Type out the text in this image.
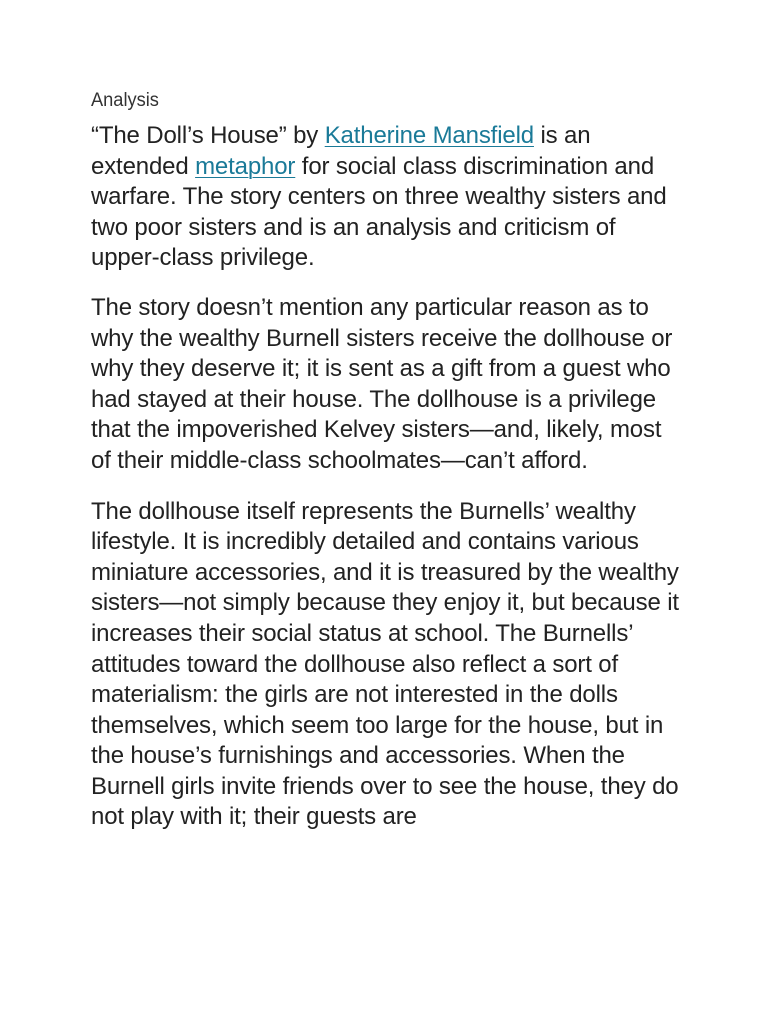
Analysis

“The Doll’s House” by Katherine Mansfield is an extended metaphor for social class discrimination and warfare. The story centers on three wealthy sisters and two poor sisters and is an analysis and criticism of upper-class privilege.

The story doesn’t mention any particular reason as to why the wealthy Burnell sisters receive the dollhouse or why they deserve it; it is sent as a gift from a guest who had stayed at their house. The dollhouse is a privilege that the impoverished Kelvey sisters—and, likely, most of their middle-class schoolmates—can’t afford.

The dollhouse itself represents the Burnells’ wealthy lifestyle. It is incredibly detailed and contains various miniature accessories, and it is treasured by the wealthy sisters—not simply because they enjoy it, but because it increases their social status at school. The Burnells’ attitudes toward the dollhouse also reflect a sort of materialism: the girls are not interested in the dolls themselves, which seem too large for the house, but in the house’s furnishings and accessories. When the Burnell girls invite friends over to see the house, they do not play with it; their guests are
